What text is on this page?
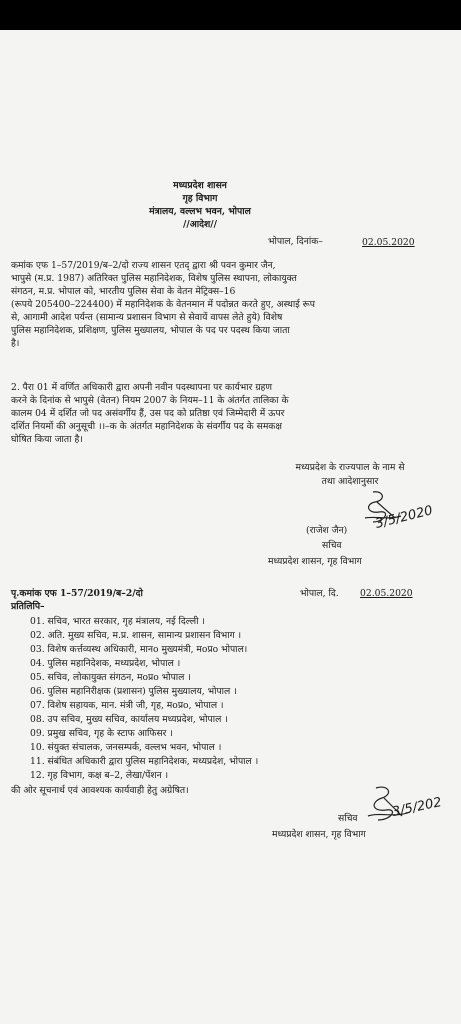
मध्यप्रदेश शासन
गृह विभाग
मंत्रालय, वल्लभ भवन, भोपाल
//आदेश//
भोपाल, दिनांक–	02.05.2020
कमांक एफ 1–57/2019/ब–2/दो राज्य शासन एतद् द्वारा श्री पवन कुमार जैन,
भापुसे (म.प्र. 1987) अतिरिक्त पुलिस महानिदेशक, विशेष पुलिस स्थापना, लोकायुक्त
संगठन, म.प्र. भोपाल को, भारतीय पुलिस सेवा के वेतन मेट्रिक्स–16
(रूपये 205400–224400) में महानिदेशक के वेतनमान में पदोन्नत करते हुए, अस्थाई रूप
से, आगामी आदेश पर्यन्त (सामान्य प्रशासन विभाग से सेवायें वापस लेते हुये) विशेष
पुलिस महानिदेशक, प्रशिक्षण, पुलिस मुख्यालय, भोपाल के पद पर पदस्थ किया जाता
है।
2. पैरा 01 में वर्णित अधिकारी द्वारा अपनी नवीन पदस्थापना पर कार्यभार ग्रहण
करने के दिनांक से भापुसे (वेतन) नियम 2007 के नियम–11 के अंतर्गत तालिका के
कालम 04 में दर्शित जो पद असंवर्गीय हैं, उस पद को प्रतिष्ठा एवं जिम्मेदारी में ऊपर
दर्शित नियमों की अनुसूची ।।–क के अंतर्गत महानिदेशक के संवर्गीय पद के समकक्ष
घोषित किया जाता है।
मध्यप्रदेश के राज्यपाल के नाम से
तथा आदेशानुसार
(राजेश जैन) 3/5/2020
सचिव
मध्यप्रदेश शासन, गृह विभाग
पृ.कमांक एफ 1–57/2019/ब–2/दो	भोपाल, दि. 02.05.2020
प्रतिलिपि–
01. सचिव, भारत सरकार, गृह मंत्रालय, नई दिल्ली ।
02. अति. मुख्य सचिव, म.प्र. शासन, सामान्य प्रशासन विभाग ।
03. विशेष कर्त्तव्यस्थ अधिकारी, मानo मुख्यमंत्री, मoप्रo भोपाल।
04. पुलिस महानिदेशक, मध्यप्रदेश, भोपाल ।
05. सचिव, लोकायुक्त संगठन, मoप्रo भोपाल ।
06. पुलिस महानिरीक्षक (प्रशासन) पुलिस मुख्यालय, भोपाल ।
07. विशेष सहायक, मान. मंत्री जी, गृह, मoप्रo, भोपाल ।
08. उप सचिव, मुख्य सचिव, कार्यालय मध्यप्रदेश, भोपाल ।
09. प्रमुख सचिव, गृह के स्टाफ आफिसर ।
10. संयुक्त संचालक, जनसम्पर्क, वल्लभ भवन, भोपाल ।
11. संबंधित अधिकारी द्वारा पुलिस महानिदेशक, मध्यप्रदेश, भोपाल ।
12. गृह विभाग, कक्ष ब–2, लेखा/पेंशन ।
की ओर सूचनार्थ एवं आवश्यक कार्यवाही हेतु अग्रेषित।
सचिव	3/5/202
मध्यप्रदेश शासन, गृह विभाग
